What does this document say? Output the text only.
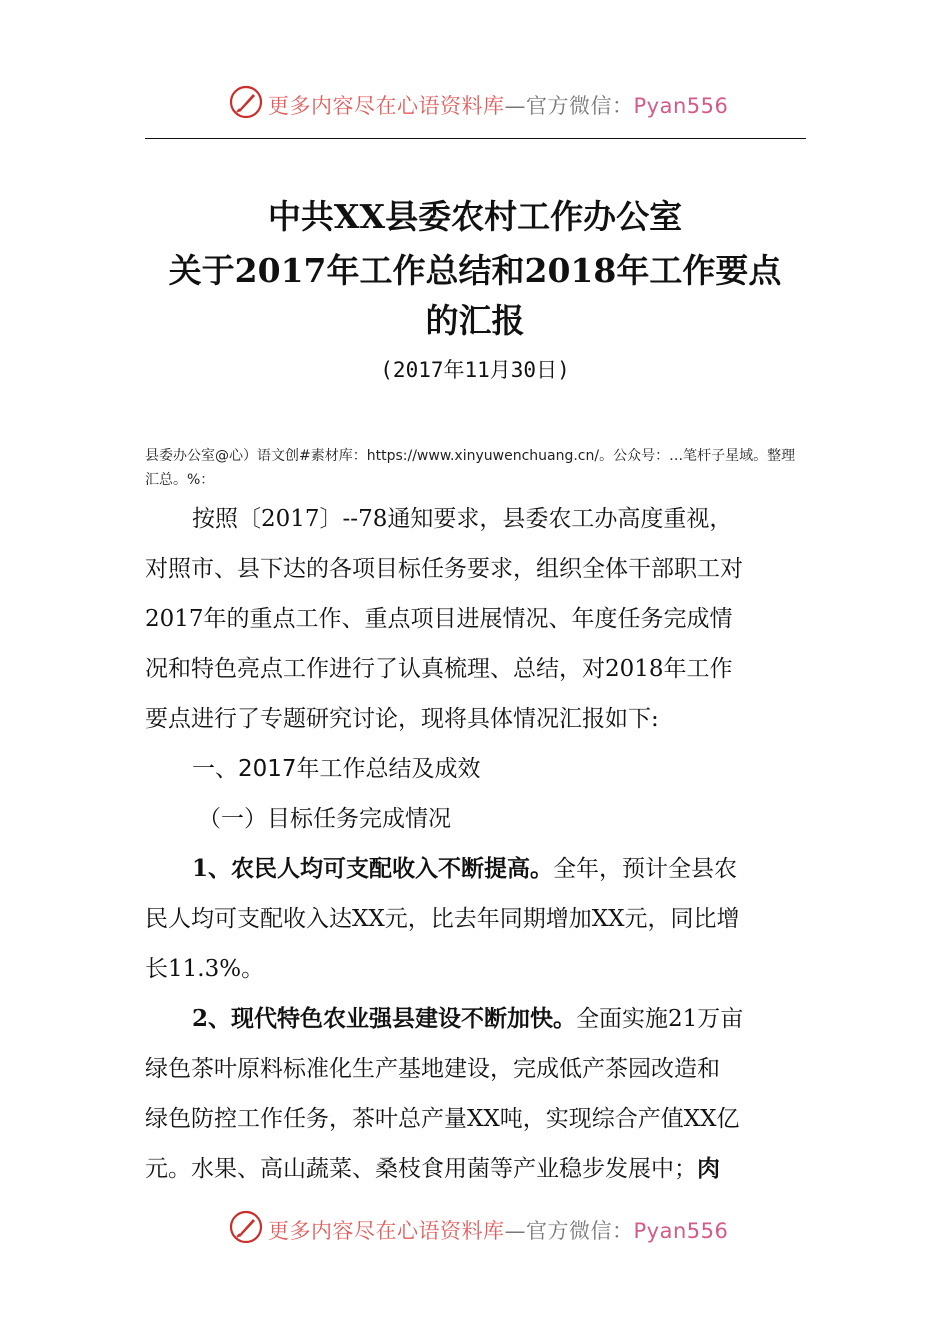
更多内容尽在心语资料库—官方微信：Pyan556
中共XX县委农村工作办公室
关于2017年工作总结和2018年工作要点
的汇报
(2017年11月30日)
县委办公室@心）语文创#素材库：https://www.xinyuwenchuang.cn/。公众号：…笔杆子星域。整理汇总。%：
按照〔2017〕--78通知要求，县委农工办高度重视，
对照市、县下达的各项目标任务要求，组织全体干部职工对
2017年的重点工作、重点项目进展情况、年度任务完成情
况和特色亮点工作进行了认真梳理、总结，对2018年工作
要点进行了专题研究讨论，现将具体情况汇报如下:
一、2017年工作总结及成效
（一）目标任务完成情况
1、农民人均可支配收入不断提高。全年，预计全县农
民人均可支配收入达XX元，比去年同期增加XX元，同比增
长11.3%。
2、现代特色农业强县建设不断加快。全面实施21万亩
绿色茶叶原料标准化生产基地建设，完成低产茶园改造和
绿色防控工作任务，茶叶总产量XX吨，实现综合产值XX亿
元。水果、高山蔬菜、桑枝食用菌等产业稳步发展中；肉
更多内容尽在心语资料库—官方微信：Pyan556
